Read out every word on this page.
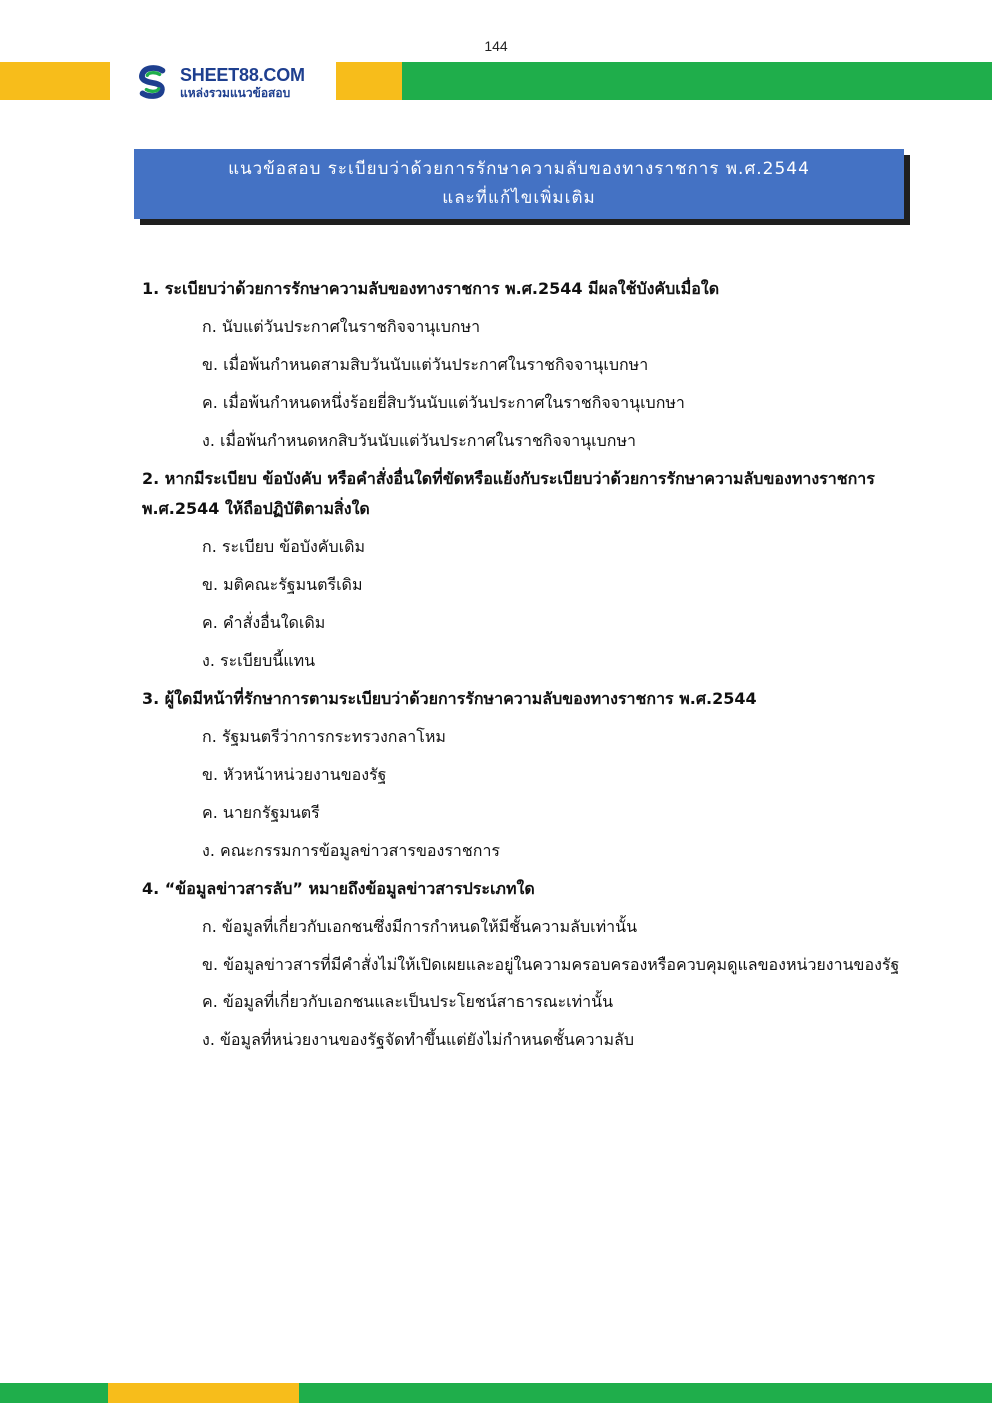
144
SHEET88.COM
แหล่งรวมแนวข้อสอบ
แนวข้อสอบ ระเบียบว่าด้วยการรักษาความลับของทางราชการ พ.ศ.2544
และที่แก้ไขเพิ่มเติม

1. ระเบียบว่าด้วยการรักษาความลับของทางราชการ พ.ศ.2544 มีผลใช้บังคับเมื่อใด

ก. นับแต่วันประกาศในราชกิจจานุเบกษา

ข. เมื่อพ้นกำหนดสามสิบวันนับแต่วันประกาศในราชกิจจานุเบกษา

ค. เมื่อพ้นกำหนดหนึ่งร้อยยี่สิบวันนับแต่วันประกาศในราชกิจจานุเบกษา

ง. เมื่อพ้นกำหนดหกสิบวันนับแต่วันประกาศในราชกิจจานุเบกษา

2. หากมีระเบียบ ข้อบังคับ หรือคำสั่งอื่นใดที่ขัดหรือแย้งกับระเบียบว่าด้วยการรักษาความลับของทางราชการ พ.ศ.2544 ให้ถือปฏิบัติตามสิ่งใด

ก. ระเบียบ ข้อบังคับเดิม

ข. มติคณะรัฐมนตรีเดิม

ค. คำสั่งอื่นใดเดิม

ง. ระเบียบนี้แทน

3. ผู้ใดมีหน้าที่รักษาการตามระเบียบว่าด้วยการรักษาความลับของทางราชการ พ.ศ.2544

ก. รัฐมนตรีว่าการกระทรวงกลาโหม

ข. หัวหน้าหน่วยงานของรัฐ

ค. นายกรัฐมนตรี

ง. คณะกรรมการข้อมูลข่าวสารของราชการ

4. “ข้อมูลข่าวสารลับ” หมายถึงข้อมูลข่าวสารประเภทใด

ก. ข้อมูลที่เกี่ยวกับเอกชนซึ่งมีการกำหนดให้มีชั้นความลับเท่านั้น

ข. ข้อมูลข่าวสารที่มีคำสั่งไม่ให้เปิดเผยและอยู่ในความครอบครองหรือควบคุมดูแลของหน่วยงานของรัฐ

ค. ข้อมูลที่เกี่ยวกับเอกชนและเป็นประโยชน์สาธารณะเท่านั้น

ง. ข้อมูลที่หน่วยงานของรัฐจัดทำขึ้นแต่ยังไม่กำหนดชั้นความลับ
